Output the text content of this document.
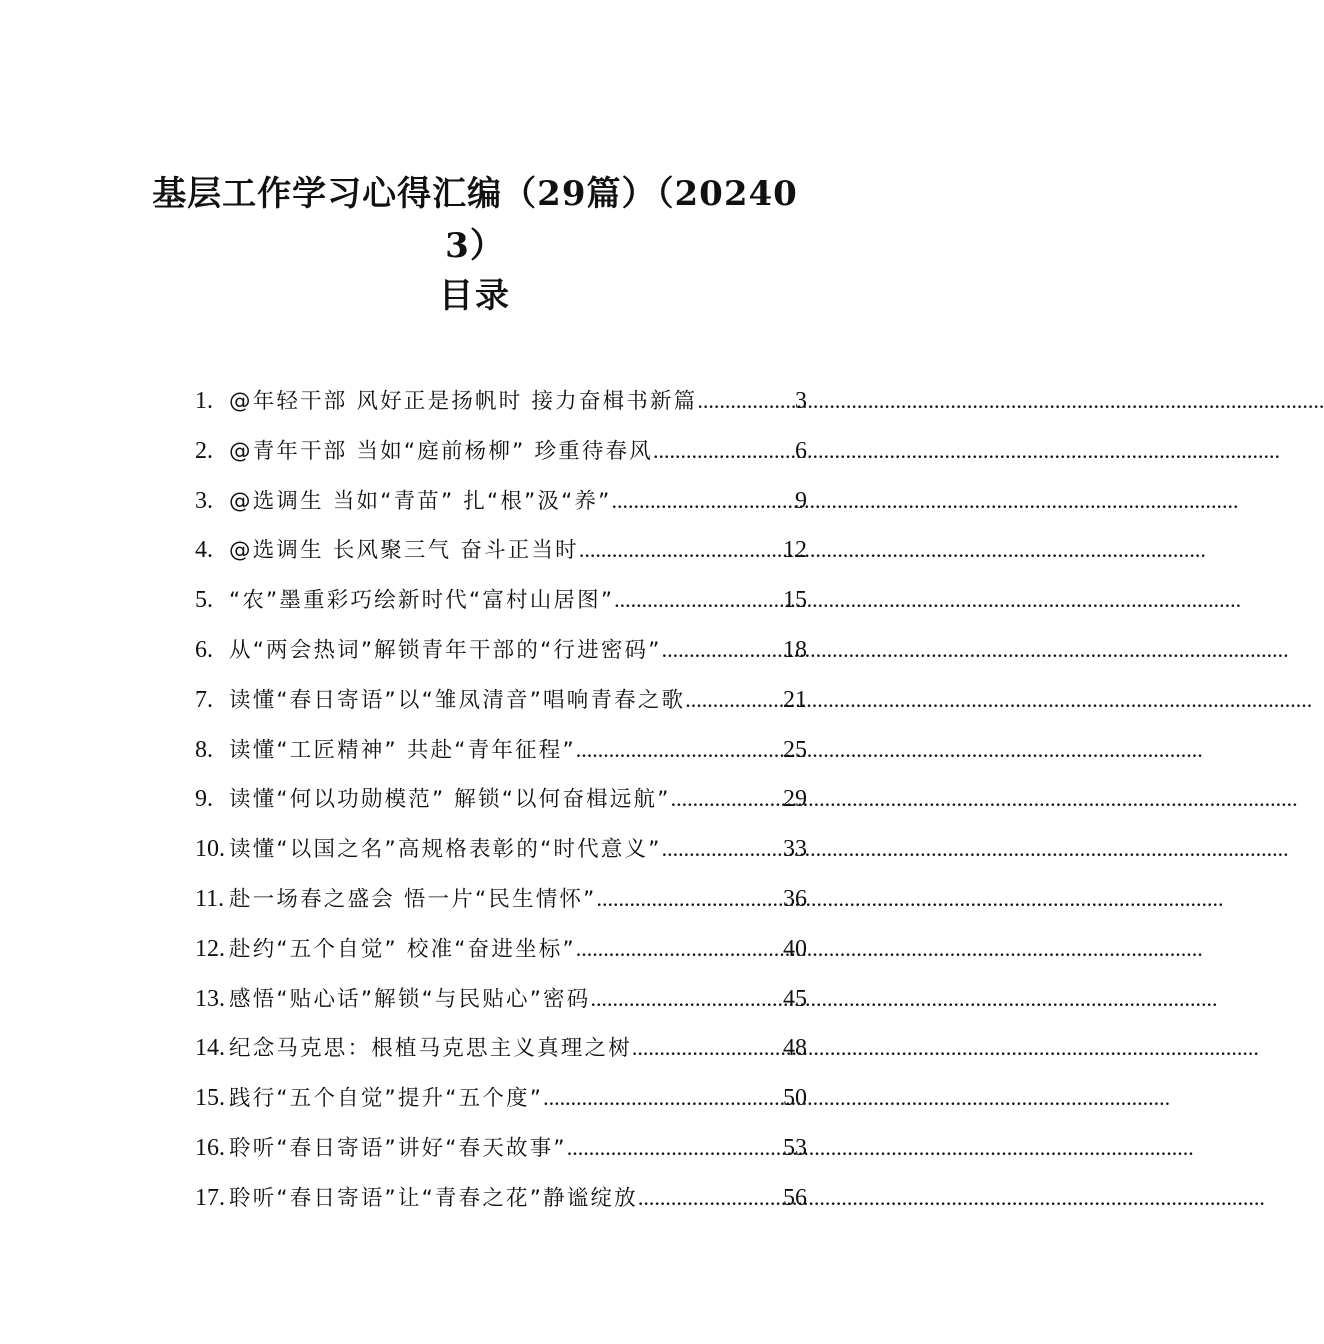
基层工作学习心得汇编（29篇）（20240
3）
目录
1. @年轻干部 风好正是扬帆时 接力奋楫书新篇 .....	3
2. @青年干部 当如“庭前杨柳” 珍重待春风 .....	6
3. @选调生 当如“青苗” 扎“根”汲“养” .....	9
4. @选调生 长风聚三气 奋斗正当时 .....	12
5. “农”墨重彩巧绘新时代“富村山居图” .....	15
6. 从“两会热词”解锁青年干部的“行进密码” .....	18
7. 读懂“春日寄语”以“雏凤清音”唱响青春之歌 .....	21
8. 读懂“工匠精神” 共赴“青年征程” .....	25
9. 读懂“何以功勋模范” 解锁“以何奋楫远航” .....	29
10. 读懂“以国之名”高规格表彰的“时代意义” .....	33
11. 赴一场春之盛会 悟一片“民生情怀” .....	36
12. 赴约“五个自觉” 校准“奋进坐标” .....	40
13. 感悟“贴心话”解锁“与民贴心”密码 .....	45
14. 纪念马克思：根植马克思主义真理之树 .....	48
15. 践行“五个自觉”提升“五个度” .....	50
16. 聆听“春日寄语”讲好“春天故事” .....	53
17. 聆听“春日寄语”让“青春之花”静谧绽放 .....	56
